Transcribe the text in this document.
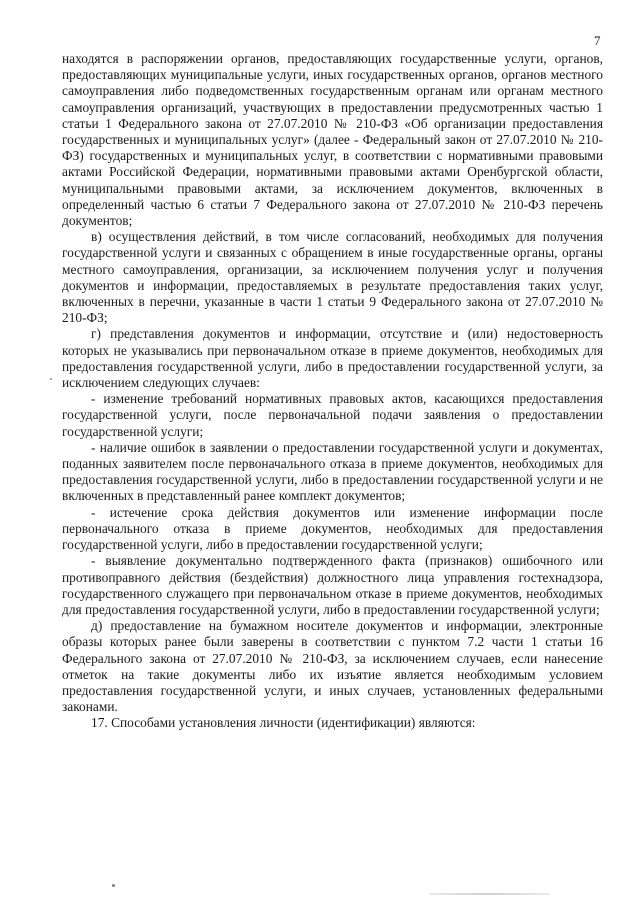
7

находятся в распоряжении органов, предоставляющих государственные услуги, органов, предоставляющих муниципальные услуги, иных государственных органов, органов местного самоуправления либо подведомственных государственным органам или органам местного самоуправления организаций, участвующих в предоставлении предусмотренных частью 1 статьи 1 Федерального закона от 27.07.2010 № 210-ФЗ «Об организации предоставления государственных и муниципальных услуг» (далее - Федеральный закон от 27.07.2010 № 210-ФЗ) государственных и муниципальных услуг, в соответствии с нормативными правовыми актами Российской Федерации, нормативными правовыми актами Оренбургской области, муниципальными правовыми актами, за исключением документов, включенных в определенный частью 6 статьи 7 Федерального закона от 27.07.2010 № 210-ФЗ перечень документов;

в) осуществления действий, в том числе согласований, необходимых для получения государственной услуги и связанных с обращением в иные государственные органы, органы местного самоуправления, организации, за исключением получения услуг и получения документов и информации, предоставляемых в результате предоставления таких услуг, включенных в перечни, указанные в части 1 статьи 9 Федерального закона от 27.07.2010 № 210-ФЗ;

г) представления документов и информации, отсутствие и (или) недостоверность которых не указывались при первоначальном отказе в приеме документов, необходимых для предоставления государственной услуги, либо в предоставлении государственной услуги, за исключением следующих случаев:

- изменение требований нормативных правовых актов, касающихся предоставления государственной услуги, после первоначальной подачи заявления о предоставлении государственной услуги;

- наличие ошибок в заявлении о предоставлении государственной услуги и документах, поданных заявителем после первоначального отказа в приеме документов, необходимых для предоставления государственной услуги, либо в предоставлении государственной услуги и не включенных в представленный ранее комплект документов;

- истечение срока действия документов или изменение информации после первоначального отказа в приеме документов, необходимых для предоставления государственной услуги, либо в предоставлении государственной услуги;

- выявление документально подтвержденного факта (признаков) ошибочного или противоправного действия (бездействия) должностного лица управления гостехнадзора, государственного служащего при первоначальном отказе в приеме документов, необходимых для предоставления государственной услуги, либо в предоставлении государственной услуги;

д) предоставление на бумажном носителе документов и информации, электронные образы которых ранее были заверены в соответствии с пунктом 7.2 части 1 статьи 16 Федерального закона от 27.07.2010 № 210-ФЗ, за исключением случаев, если нанесение отметок на такие документы либо их изъятие является необходимым условием предоставления государственной услуги, и иных случаев, установленных федеральными законами.

17. Способами установления личности (идентификации) являются:
